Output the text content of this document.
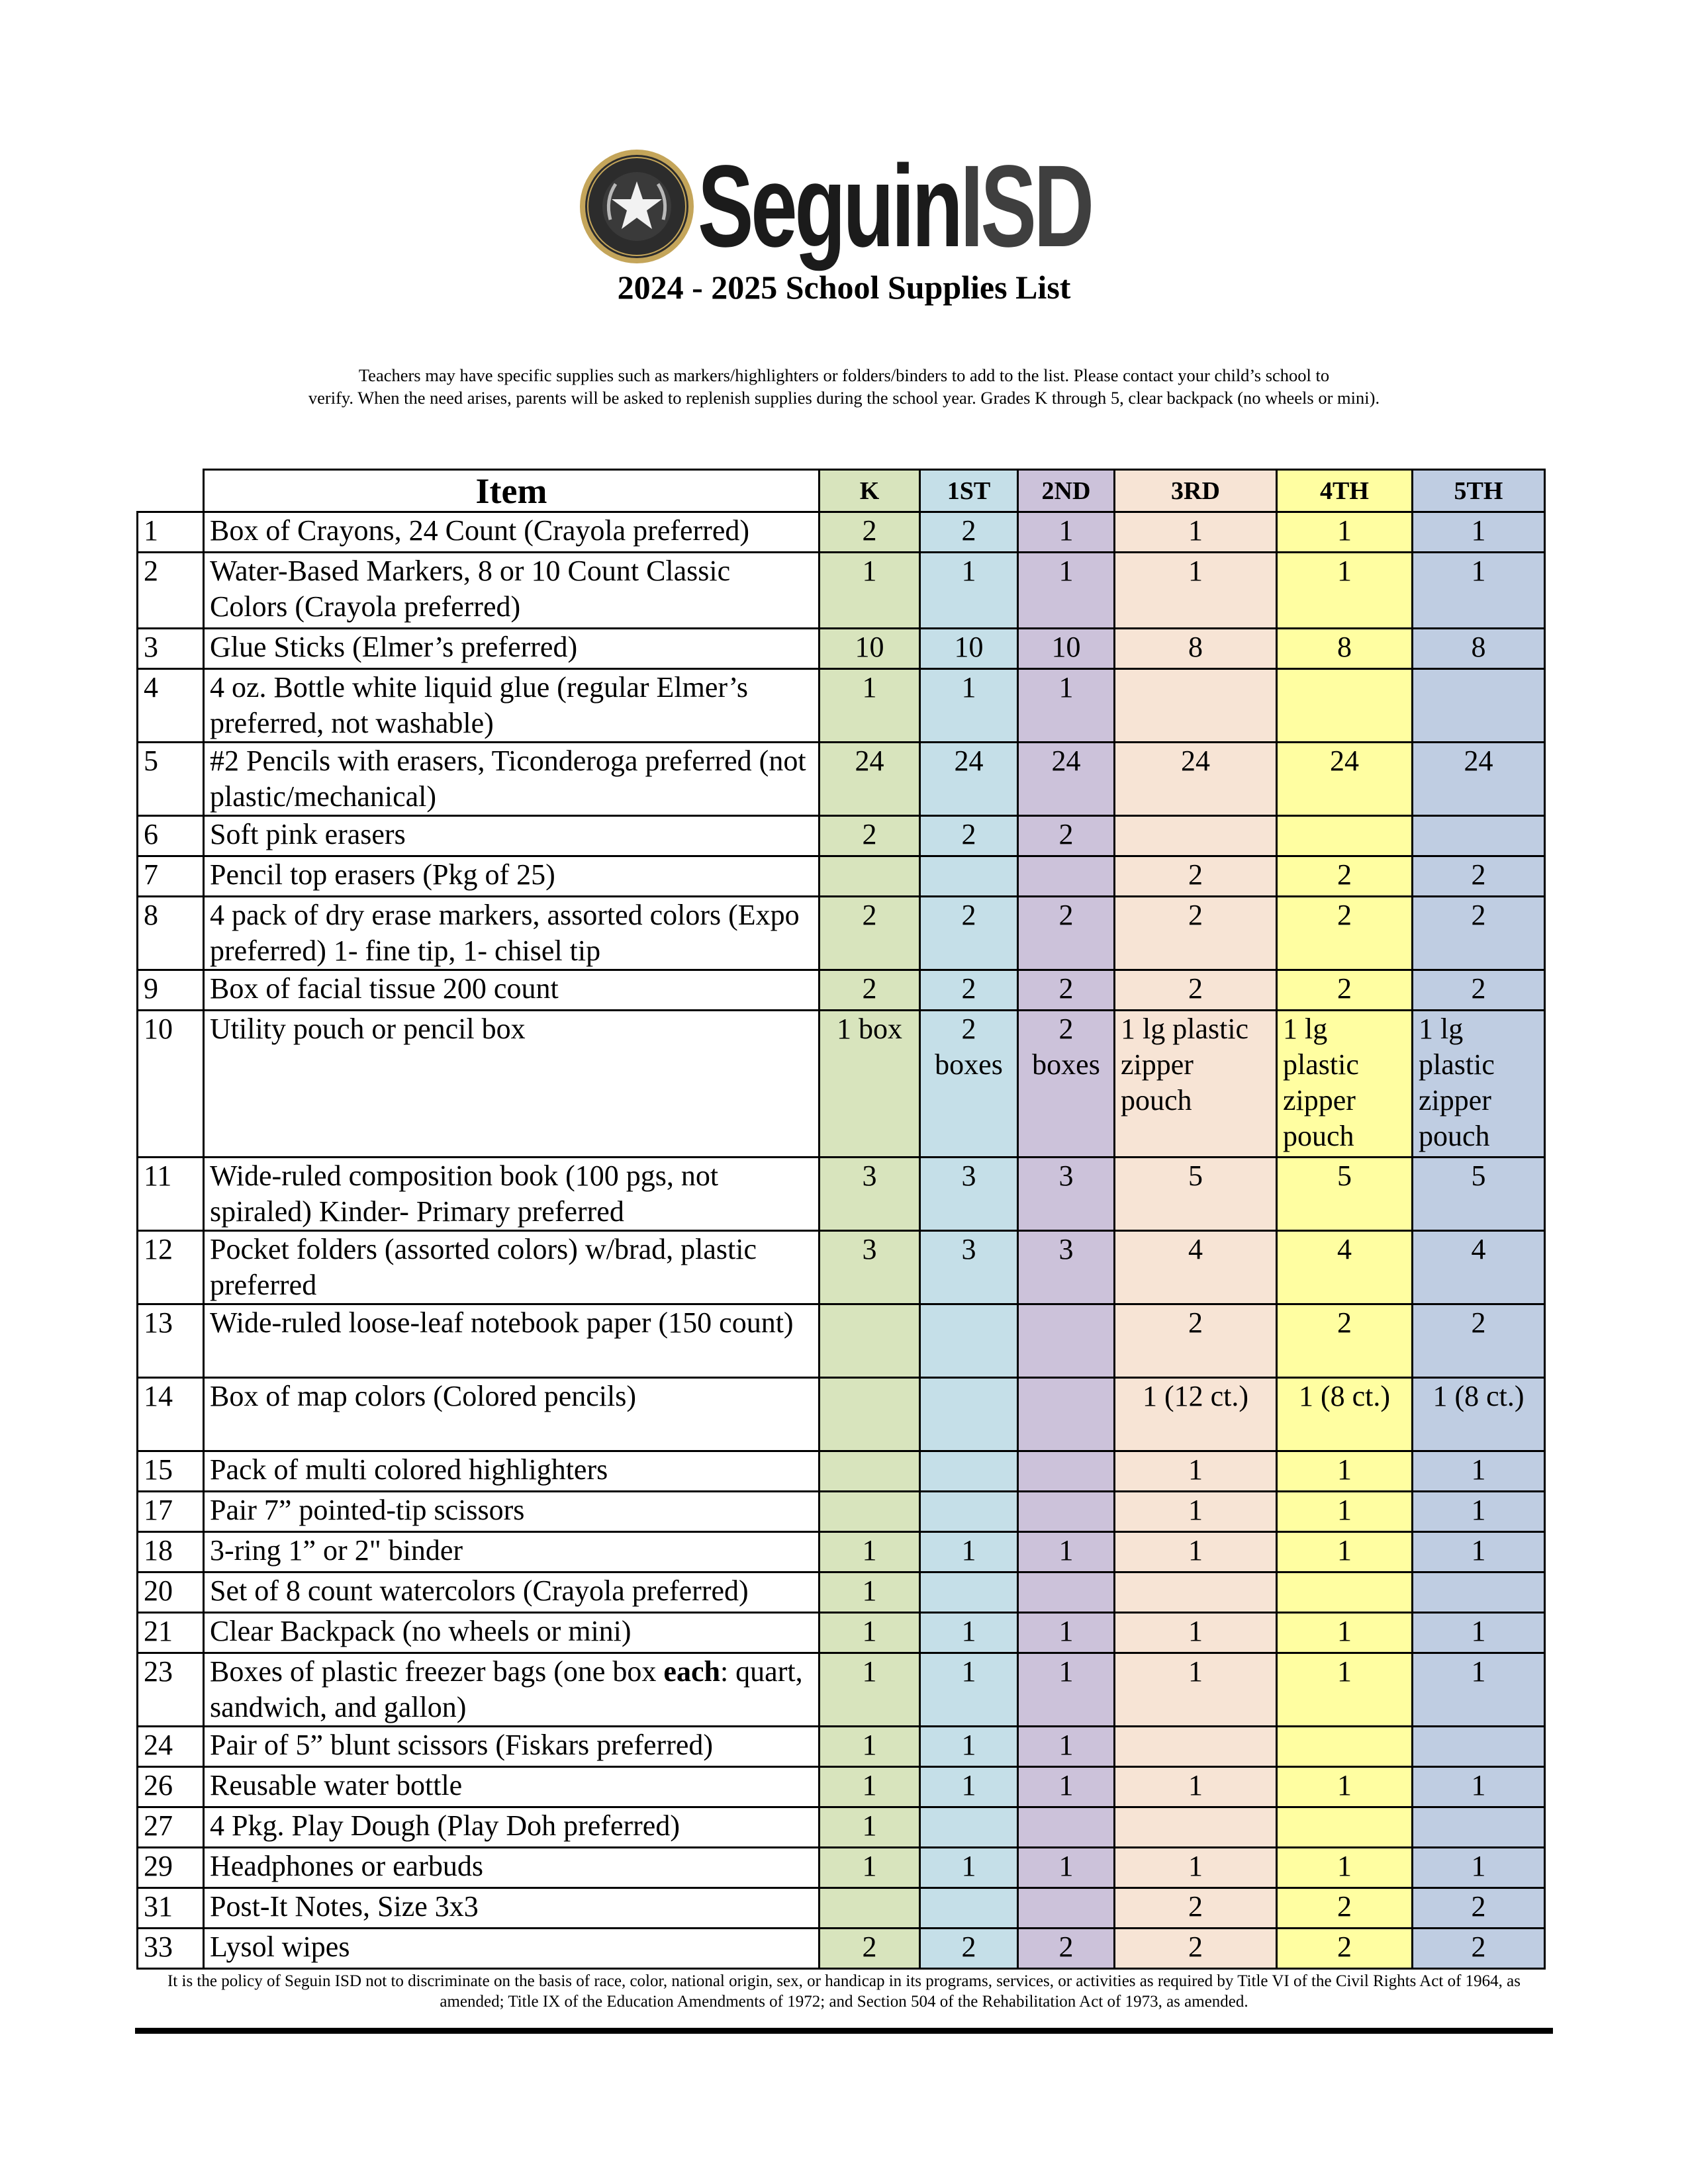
SeguinISD
2024 - 2025 School Supplies List
Teachers may have specific supplies such as markers/highlighters or folders/binders to add to the list. Please contact your child’s school to
verify. When the need arises, parents will be asked to replenish supplies during the school year. Grades K through 5, clear backpack (no wheels or mini).
	Item	K	1ST	2ND	3RD	4TH	5TH
1	Box of Crayons, 24 Count (Crayola preferred)	2	2	1	1	1	1
2	Water-Based Markers, 8 or 10 Count Classic Colors (Crayola preferred)	1	1	1	1	1	1
3	Glue Sticks (Elmer’s preferred)	10	10	10	8	8	8
4	4 oz. Bottle white liquid glue (regular Elmer’s preferred, not washable)	1	1	1			
5	#2 Pencils with erasers, Ticonderoga preferred (not plastic/mechanical)	24	24	24	24	24	24
6	Soft pink erasers	2	2	2			
7	Pencil top erasers (Pkg of 25)				2	2	2
8	4 pack of dry erase markers, assorted colors (Expo preferred) 1- fine tip, 1- chisel tip	2	2	2	2	2	2
9	Box of facial tissue 200 count	2	2	2	2	2	2
10	Utility pouch or pencil box	1 box	2 boxes	2 boxes	1 lg plastic zipper pouch	1 lg plastic zipper pouch	1 lg plastic zipper pouch
11	Wide-ruled composition book (100 pgs, not spiraled) Kinder- Primary preferred	3	3	3	5	5	5
12	Pocket folders (assorted colors) w/brad, plastic preferred	3	3	3	4	4	4
13	Wide-ruled loose-leaf notebook paper (150 count)				2	2	2
14	Box of map colors (Colored pencils)				1 (12 ct.)	1 (8 ct.)	1 (8 ct.)
15	Pack of multi colored highlighters				1	1	1
17	Pair 7” pointed-tip scissors				1	1	1
18	3-ring 1” or 2" binder	1	1	1	1	1	1
20	Set of 8 count watercolors (Crayola preferred)	1					
21	Clear Backpack (no wheels or mini)	1	1	1	1	1	1
23	Boxes of plastic freezer bags (one box each: quart, sandwich, and gallon)	1	1	1	1	1	1
24	Pair of 5” blunt scissors (Fiskars preferred)	1	1	1			
26	Reusable water bottle	1	1	1	1	1	1
27	4 Pkg. Play Dough (Play Doh preferred)	1					
29	Headphones or earbuds	1	1	1	1	1	1
31	Post-It Notes, Size 3x3				2	2	2
33	Lysol wipes	2	2	2	2	2	2
It is the policy of Seguin ISD not to discriminate on the basis of race, color, national origin, sex, or handicap in its programs, services, or activities as required by Title VI of the Civil Rights Act of 1964, as amended; Title IX of the Education Amendments of 1972; and Section 504 of the Rehabilitation Act of 1973, as amended.
